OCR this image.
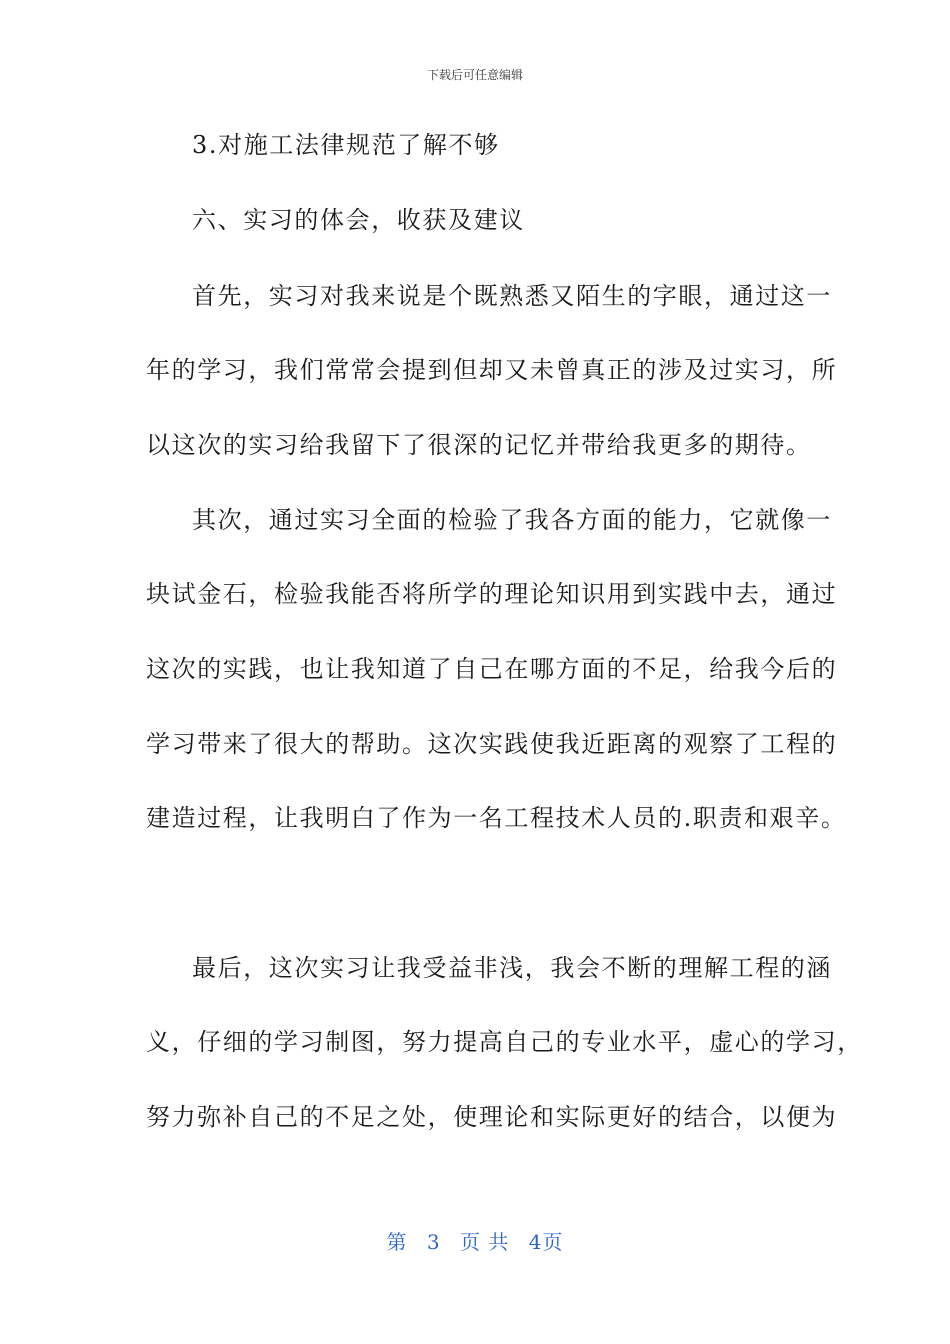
下载后可任意编辑
3.对施工法律规范了解不够
六、实习的体会，收获及建议
首先，实习对我来说是个既熟悉又陌生的字眼，通过这一
年的学习，我们常常会提到但却又未曾真正的涉及过实习，所
以这次的实习给我留下了很深的记忆并带给我更多的期待。
其次，通过实习全面的检验了我各方面的能力，它就像一
块试金石，检验我能否将所学的理论知识用到实践中去，通过
这次的实践，也让我知道了自己在哪方面的不足，给我今后的
学习带来了很大的帮助。这次实践使我近距离的观察了工程的
建造过程，让我明白了作为一名工程技术人员的.职责和艰辛。
最后，这次实习让我受益非浅，我会不断的理解工程的涵
义，仔细的学习制图，努力提高自己的专业水平，虚心的学习，
努力弥补自己的不足之处，使理论和实际更好的结合，以便为
第 3 页 共 4页
